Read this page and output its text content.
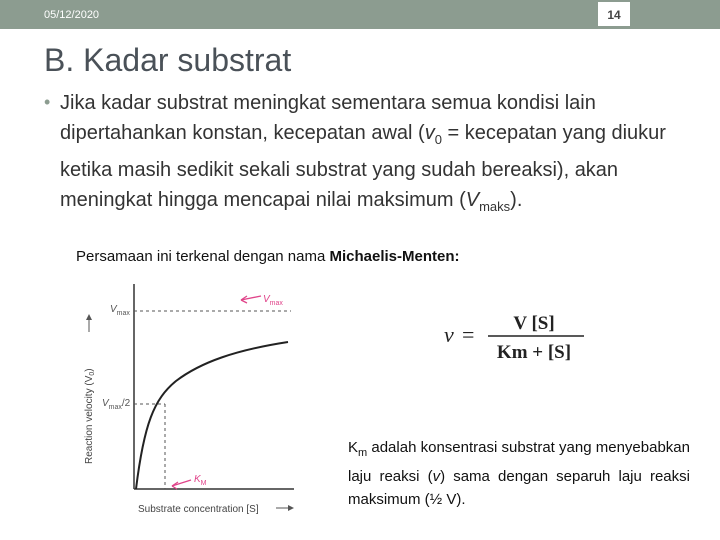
05/12/2020	14
B. Kadar substrat
• Jika kadar substrat meningkat sementara semua kondisi lain dipertahankan konstan, kecepatan awal ($v_0$ = kecepatan yang diukur ketika masih sedikit sekali substrat yang sudah bereaksi), akan meningkat hingga mencapai nilai maksimum $(V_{maks})$.
Persamaan ini terkenal dengan nama Michaelis-Menten:
$V_{max}$
$V_{max}/2$
$V_{max}$
$K_M$
Substrate concentration [S]
Reaction velocity $(V_0)$
v = V [S]
Km + [S]
$K_m$ adalah konsentrasi substrat yang menyebabkan laju reaksi (v) sama dengan separuh laju reaksi maksimum (½ V).
